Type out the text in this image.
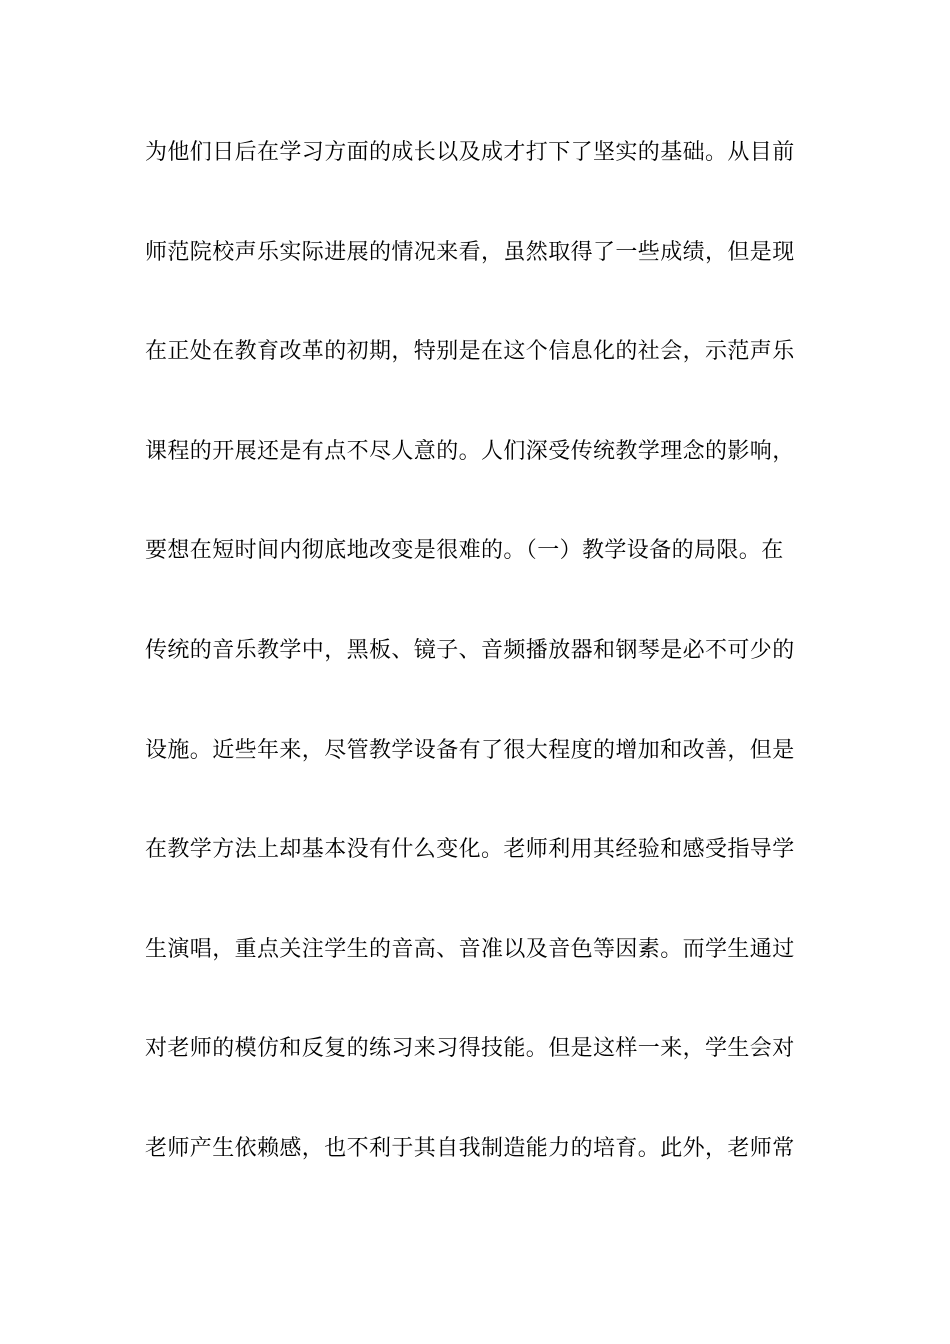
为他们日后在学习方面的成长以及成才打下了坚实的基础。从目前

师范院校声乐实际进展的情况来看，虽然取得了一些成绩，但是现

在正处在教育改革的初期，特别是在这个信息化的社会，示范声乐

课程的开展还是有点不尽人意的。人们深受传统教学理念的影响，

要想在短时间内彻底地改变是很难的。（一）教学设备的局限。在

传统的音乐教学中，黑板、镜子、音频播放器和钢琴是必不可少的

设施。近些年来，尽管教学设备有了很大程度的增加和改善，但是

在教学方法上却基本没有什么变化。老师利用其经验和感受指导学

生演唱，重点关注学生的音高、音准以及音色等因素。而学生通过

对老师的模仿和反复的练习来习得技能。但是这样一来，学生会对

老师产生依赖感，也不利于其自我制造能力的培育。此外，老师常
